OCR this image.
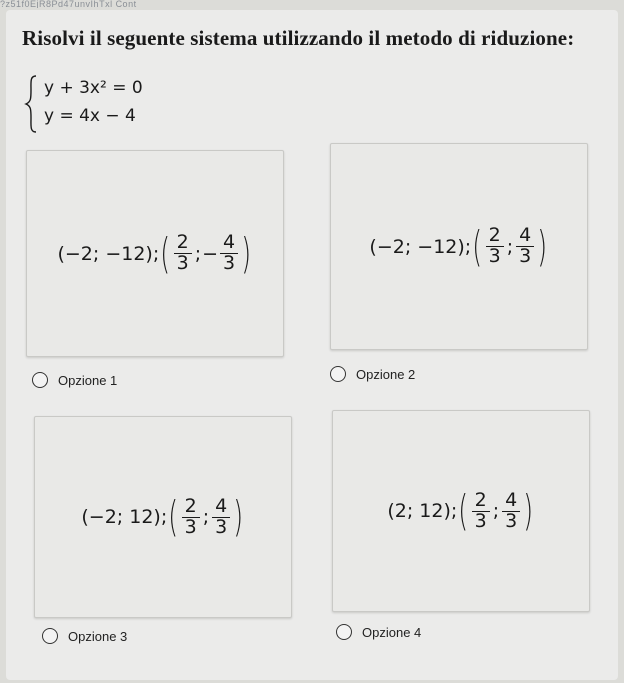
?z51f0EjR8Pd47unvIhTxl Cont
Risolvi il seguente sistema utilizzando il metodo di riduzione:
y + 3x² = 0
y = 4x − 4
(−2; −12); ( $\frac{2}{3}$ ; − $\frac{4}{3}$ )
Opzione 1
(−2; −12); ( $\frac{2}{3}$ ; $\frac{4}{3}$ )
Opzione 2
(−2; 12); ( $\frac{2}{3}$ ; $\frac{4}{3}$ )
Opzione 3
(2; 12); ( $\frac{2}{3}$ ; $\frac{4}{3}$ )
Opzione 4
